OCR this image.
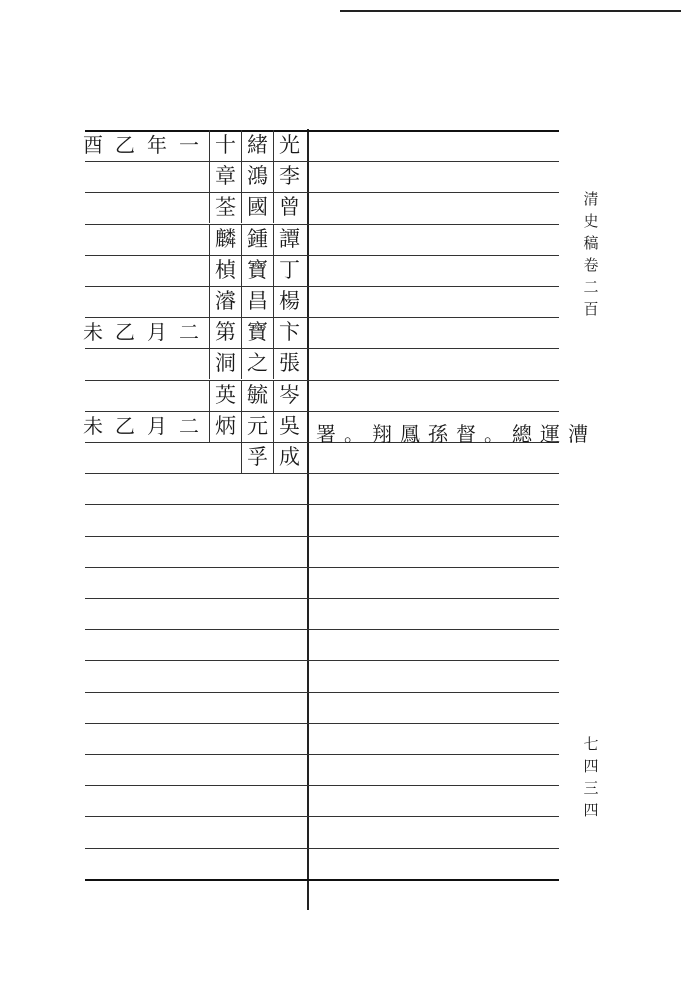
清
史
稿
卷
二
百
七
四
三
四
光
緒
十
酉乙年一
李
鴻
章
曾
國
荃
譚
鍾
麟
丁
寶
楨
楊
昌
濬
卞
寶
第
未乙月二
張
之
洞
岑
毓
英
吳
元
炳
未乙月二
成
孚
署。翔鳳孫督。總運漕
